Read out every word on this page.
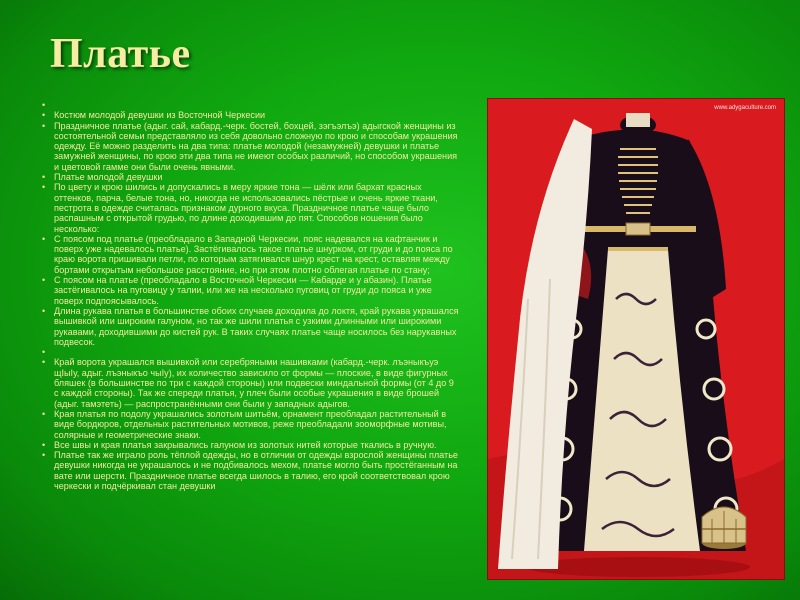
Платье
•
• Костюм молодой девушки из Восточной Черкесии
• Праздничное платье (адыг. сай, кабард.-черк. бостей, бохцей, зэгъэлъэ) адыгской женщины из состоятельной семьи представляло из себя довольно сложную по крою и способам украшения одежду. Её можно разделить на два типа: платье молодой (незамужней) девушки и платье замужней женщины, по крою эти два типа не имеют особых различий, но способом украшения и цветовой гамме они были очень явными.
• Платье молодой девушки
• По цвету и крою шились и допускались в меру яркие тона — шёлк или бархат красных оттенков, парча, белые тона, но, никогда не использовались пёстрые и очень яркие ткани, пестрота в одежде считалась признаком дурного вкуса. Праздничное платье чаще было распашным с открытой грудью, по длине доходившим до пят. Способов ношения было несколько:
• С поясом под платье (преобладало в Западной Черкесии, пояс надевался на кафтанчик и поверх уже надевалось платье). Застёгивалось такое платье шнурком, от груди и до пояса по краю ворота пришивали петли, по которым затягивался шнур крест на крест, оставляя между бортами открытым небольшое расстояние, но при этом плотно облегая платье по стану;
• С поясом на платье (преобладало в Восточной Черкесии — Кабарде и у абазин). Платье застёгивалось на пуговицу у талии, или же на несколько пуговиц от груди до пояса и уже поверх подпоясывалось.
• Длина рукава платья в большинстве обоих случаев доходила до локтя, край рукава украшался вышивкой или широким галуном, но так же шили платья с узкими длинными или широкими рукавами, доходившими до кистей рук. В таких случаях платье чаще носилось без нарукавных подвесок.
•
• Край ворота украшался вышивкой или серебряными нашивками (кабард.-черк. лъэныкъуэ щIыIу, адыг. лъэныкъо чыIу), их количество зависило от формы — плоские, в виде фигурных бляшек (в большинстве по три с каждой стороны) или подвески миндальной формы (от 4 до 9 с каждой стороны). Так же спереди платья, у плеч были особые украшения в виде брошей (адыг. тамэтеть) — распространёнными они были у западных адыгов.
• Края платья по подолу украшались золотым шитьём, орнамент преобладал растительный в виде бордюров, отдельных растительных мотивов, реже преобладали зооморфные мотивы, солярные и геометрические знаки.
• Все швы и края платья закрывались галуном из золотых нитей которые ткались в ручную.
• Платье так же играло роль тёплой одежды, но в отличии от одежды взрослой женщины платье девушки никогда не украшалось и не подбивалось мехом, платье могло быть простёганным на вате или шерсти. Праздничное платье всегда шилось в талию, его крой соответствовал крою черкески и подчёркивал стан девушки
www.adygaculture.com
